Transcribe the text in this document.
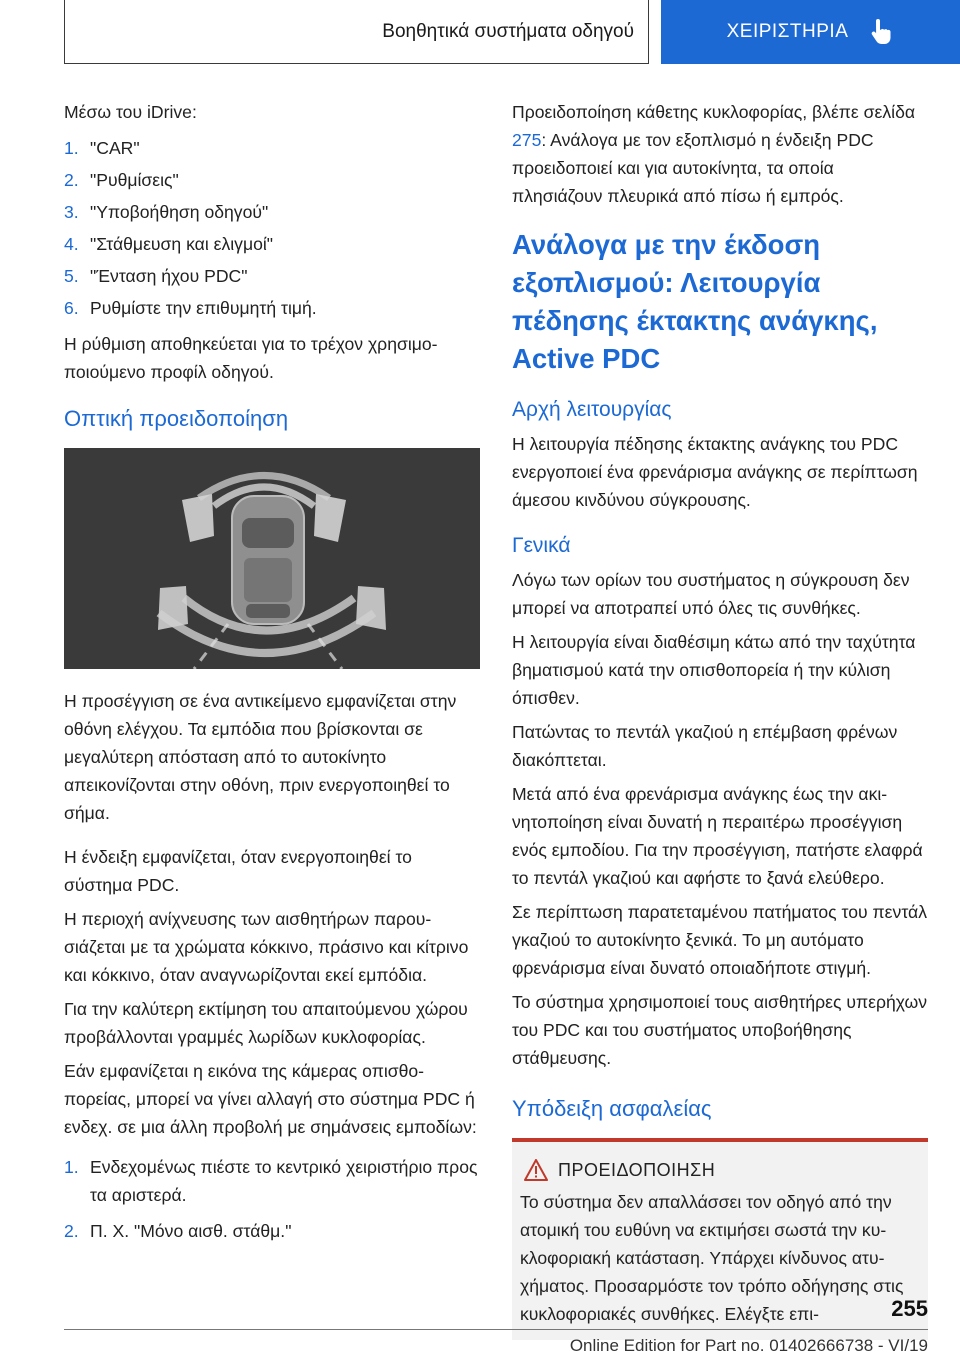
Βοηθητικά συστήματα οδηγού	ΧΕΙΡΙΣΤΗΡΙΑ

Μέσω του iDrive:

1. "CAR"
2. "Ρυθμίσεις"
3. "Υποβοήθηση οδηγού"
4. "Στάθμευση και ελιγμοί"
5. "Ένταση ήχου PDC"
6. Ρυθμίστε την επιθυμητή τιμή.

Η ρύθμιση αποθηκεύεται για το τρέχον χρησιμοποιούμενο προφίλ οδηγού.

Οπτική προειδοποίηση

Η προσέγγιση σε ένα αντικείμενο εμφανίζεται στην οθόνη ελέγχου. Τα εμπόδια που βρίσκονται σε μεγαλύτερη απόσταση από το αυτοκίνητο απεικονίζονται στην οθόνη, πριν ενεργοποιηθεί το σήμα.

Η ένδειξη εμφανίζεται, όταν ενεργοποιηθεί το σύστημα PDC.

Η περιοχή ανίχνευσης των αισθητήρων παρουσιάζεται με τα χρώματα κόκκινο, πράσινο και κίτρινο και κόκκινο, όταν αναγνωρίζονται εκεί εμπόδια.

Για την καλύτερη εκτίμηση του απαιτούμενου χώρου προβάλλονται γραμμές λωρίδων κυκλοφορίας.

Εάν εμφανίζεται η εικόνα της κάμερας οπισθοπορείας, μπορεί να γίνει αλλαγή στο σύστημα PDC ή ενδεχ. σε μια άλλη προβολή με σημάνσεις εμποδίων:

1. Ενδεχομένως πιέστε το κεντρικό χειριστήριο προς τα αριστερά.
2. Π. Χ. "Μόνο αισθ. στάθμ."

Προειδοποίηση κάθετης κυκλοφορίας, βλέπε σελίδα 275: Ανάλογα με τον εξοπλισμό η ένδειξη PDC προειδοποιεί και για αυτοκίνητα, τα οποία πλησιάζουν πλευρικά από πίσω ή εμπρός.

Ανάλογα με την έκδοση εξοπλισμού: Λειτουργία πέδησης έκτακτης ανάγκης, Active PDC
Αρχή λειτουργίας

Η λειτουργία πέδησης έκτακτης ανάγκης του PDC ενεργοποιεί ένα φρενάρισμα ανάγκης σε περίπτωση άμεσου κινδύνου σύγκρουσης.

Γενικά

Λόγω των ορίων του συστήματος η σύγκρουση δεν μπορεί να αποτραπεί υπό όλες τις συνθήκες.

Η λειτουργία είναι διαθέσιμη κάτω από την ταχύτητα βηματισμού κατά την οπισθοπορεία ή την κύλιση όπισθεν.

Πατώντας το πεντάλ γκαζιού η επέμβαση φρένων διακόπτεται.

Μετά από ένα φρενάρισμα ανάγκης έως την ακινητοποίηση είναι δυνατή η περαιτέρω προσέγγιση ενός εμποδίου. Για την προσέγγιση, πατήστε ελαφρά το πεντάλ γκαζιού και αφήστε το ξανά ελεύθερο.

Σε περίπτωση παρατεταμένου πατήματος του πεντάλ γκαζιού το αυτοκίνητο ξενικά. Το μη αυτόματο φρενάρισμα είναι δυνατό οποιαδήποτε στιγμή.

Το σύστημα χρησιμοποιεί τους αισθητήρες υπερήχων του PDC και του συστήματος υποβοήθησης στάθμευσης.

Υπόδειξη ασφαλείας
ΠΡΟΕΙΔΟΠΟΙΗΣΗ

Το σύστημα δεν απαλλάσσει τον οδηγό από την ατομική του ευθύνη να εκτιμήσει σωστά την κυκλοφοριακή κατάσταση. Υπάρχει κίνδυνος ατυχήματος. Προσαρμόστε τον τρόπο οδήγησης στις κυκλοφοριακές συνθήκες. Ελέγξτε επι-	255
Online Edition for Part no. 01402666738 - VI/19
